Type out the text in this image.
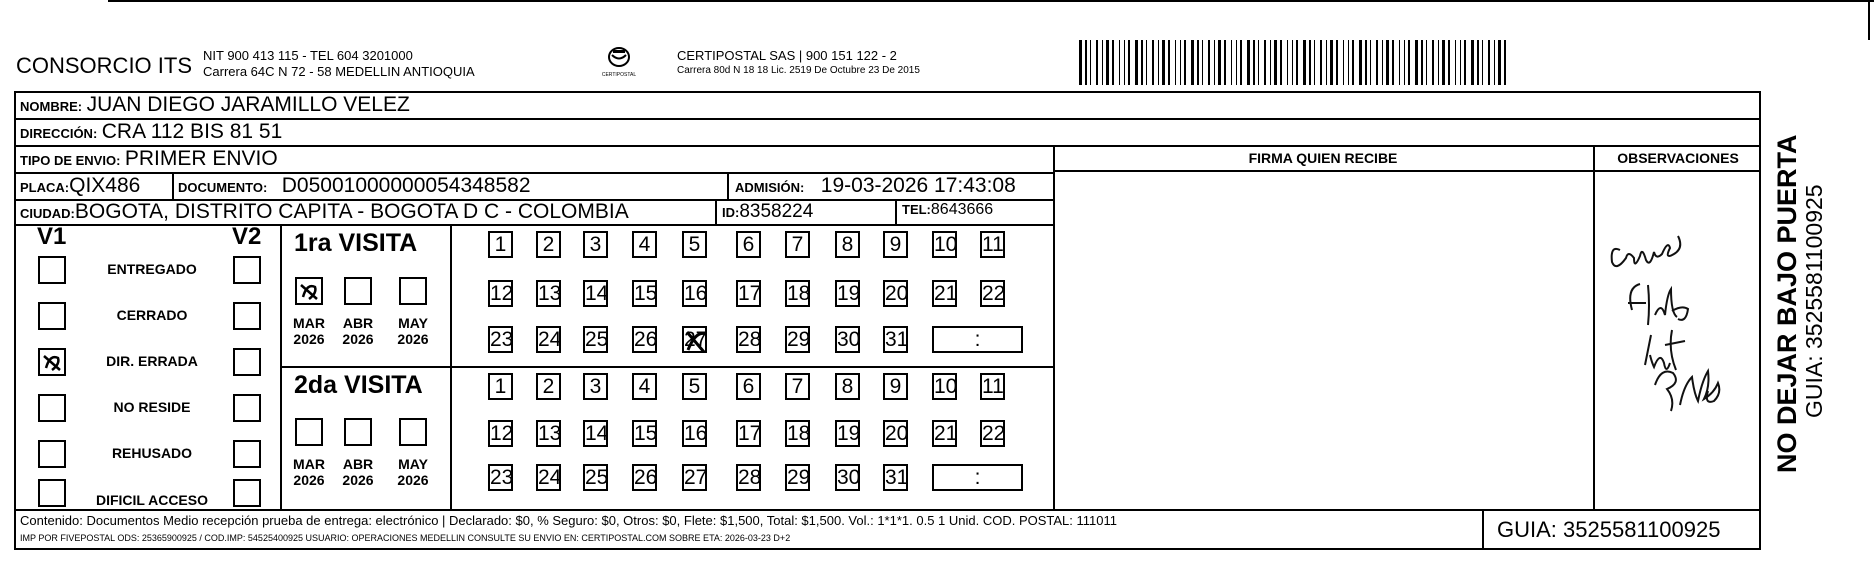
CONSORCIO ITS NIT 900 413 115 - TEL 604 3201000
Carrera 64C N 72 - 58 MEDELLIN ANTIOQUIA	CERTIPOSTAL
CERTIPOSTAL SAS | 900 151 122 - 2
Carrera 80d N 18 18 Lic. 2519 De Octubre 23 De 2015
NOMBRE: JUAN DIEGO JARAMILLO VELEZ
DIRECCIÓN: CRA 112 BIS 81 51
TIPO DE ENVIO: PRIMER ENVIO
PLACA:QIX486	DOCUMENTO: D05001000000054348582	ADMISIÓN: 19-03-2026 17:43:08
CIUDAD:BOGOTA, DISTRITO CAPITA - BOGOTA D C - COLOMBIA	ID:8358224	TEL:8643666
FIRMA QUIEN RECIBE	OBSERVACIONES	NO DEJAR BAJO PUERTA GUIA: 3525581100925
V1	V2
ENTREGADO
CERRADO
DIR. ERRADA
NO RESIDE
REHUSADO
DIFICIL ACCESO
1ra VISITA
2da VISITA
MAR
2026
ABR
2026
MAY
2026
1	2	3	4	5	6	7	8	9	10 11
12 13 14 15 16 17 18 19 20 21 22
23 24 25 26 27 28 29 30 31	:
MAR
2026
ABR
2026
MAY
2026
1	2	3	4	5	6	7	8	9	10 11
12 13 14 15 16 17 18 19 20 21 22
23 24 25 26 27 28 29 30 31	:
Contenido: Documentos Medio recepción prueba de entrega: electrónico | Declarado: $0, % Seguro: $0, Otros: $0, Flete: $1,500, Total: $1,500. Vol.: 1*1*1. 0.5 1 Unid. COD. POSTAL: 111011
IMP POR FIVEPOSTAL ODS: 25365900925 / COD.IMP: 54525400925 USUARIO: OPERACIONES MEDELLIN CONSULTE SU ENVIO EN: CERTIPOSTAL.COM SOBRE ETA: 2026-03-23 D+2	GUIA: 3525581100925
